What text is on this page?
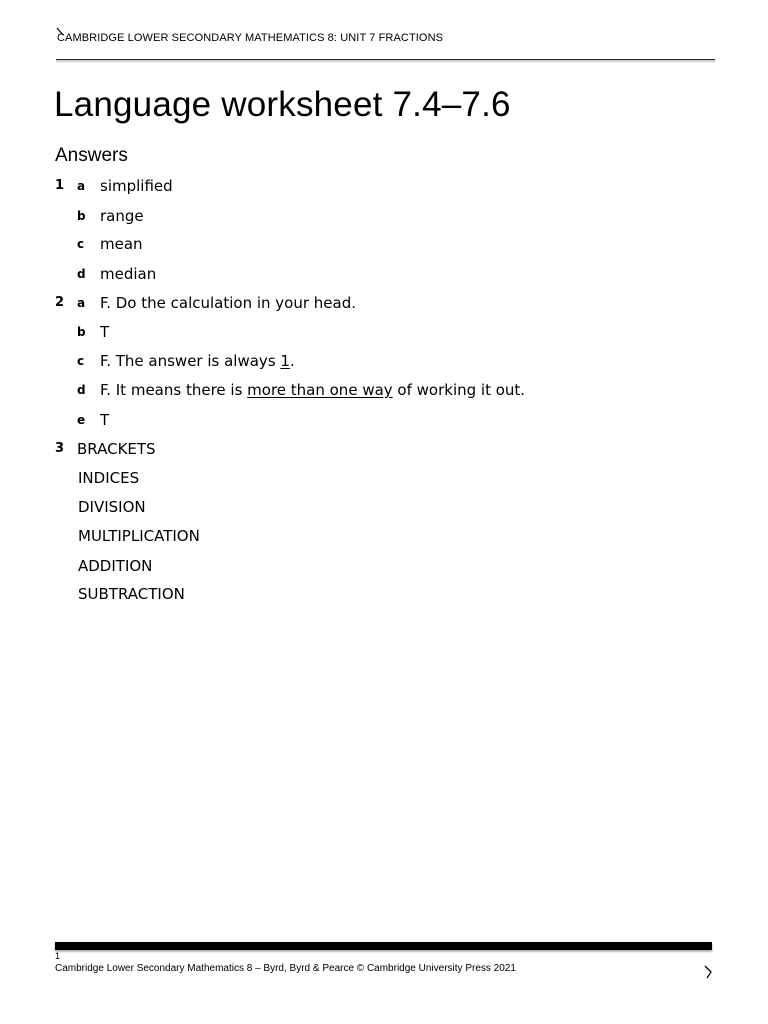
CAMBRIDGE LOWER SECONDARY MATHEMATICS 8: UNIT 7 FRACTIONS
Language worksheet 7.4–7.6
Answers
1 a simplified
b range
c mean
d median
2 a F. Do the calculation in your head.
b T
c F. The answer is always 1.
d F. It means there is more than one way of working it out.
e T
3 BRACKETS
INDICES
DIVISION
MULTIPLICATION
ADDITION
SUBTRACTION
1
Cambridge Lower Secondary Mathematics 8 – Byrd, Byrd & Pearce © Cambridge University Press 2021
